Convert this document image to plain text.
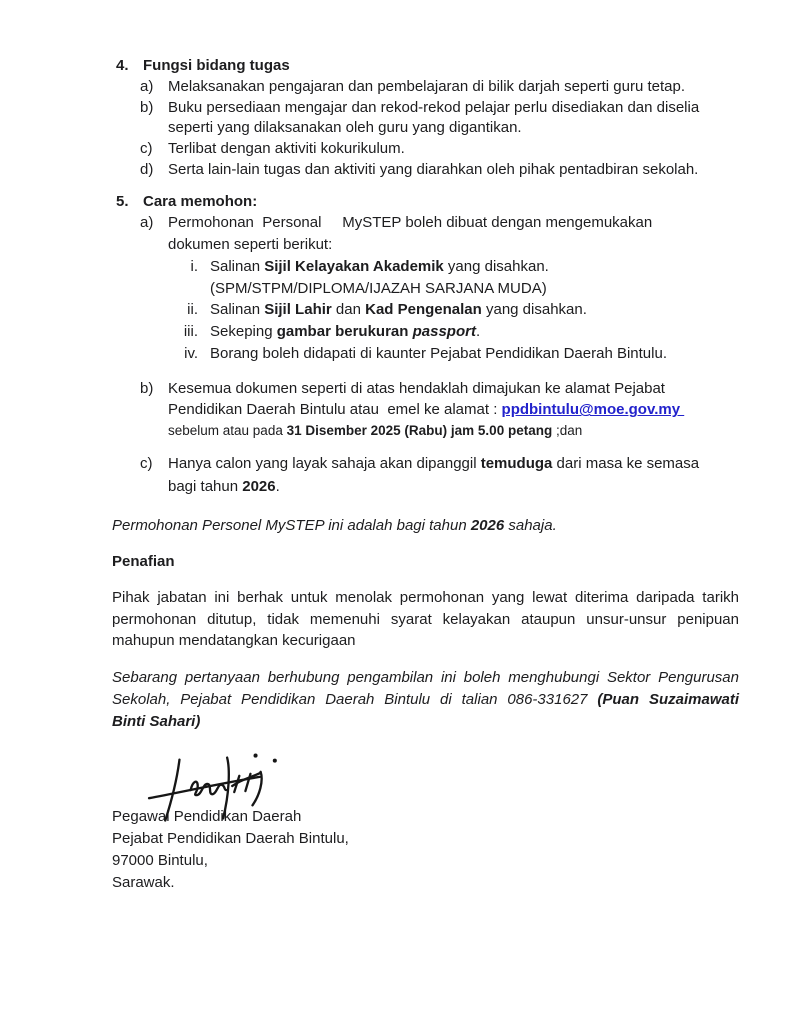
4. Fungsi bidang tugas
a) Melaksanakan pengajaran dan pembelajaran di bilik darjah seperti guru tetap.
b) Buku persediaan mengajar dan rekod-rekod pelajar perlu disediakan dan diselia
seperti yang dilaksanakan oleh guru yang digantikan.
c)	Terlibat dengan aktiviti kokurikulum.
d) Serta lain-lain tugas dan aktiviti yang diarahkan oleh pihak pentadbiran sekolah.
5. Cara memohon:
a) Permohonan  Personal     MySTEP boleh dibuat dengan mengemukakan
dokumen seperti berikut:
i. Salinan Sijil Kelayakan Akademik yang disahkan.
(SPM/STPM/DIPLOMA/IJAZAH SARJANA MUDA)
ii. Salinan Sijil Lahir dan Kad Pengenalan yang disahkan.
iii. Sekeping gambar berukuran passport.
iv. Borang boleh didapati di kaunter Pejabat Pendidikan Daerah Bintulu.
b) Kesemua dokumen seperti di atas hendaklah dimajukan ke alamat Pejabat
Pendidikan Daerah Bintulu atau  emel ke alamat : ppdbintulu@moe.gov.my
sebelum atau pada 31 Disember 2025 (Rabu) jam 5.00 petang ;dan
c)	Hanya calon yang layak sahaja akan dipanggil temuduga dari masa ke semasa
bagi tahun 2026.

Permohonan Personel MySTEP ini adalah bagi tahun 2026 sahaja.

Penafian

Pihak jabatan ini berhak untuk menolak permohonan yang lewat diterima daripada tarikh
permohonan ditutup, tidak memenuhi syarat kelayakan ataupun unsur-unsur penipuan
mahupun mendatangkan kecurigaan
Sebarang pertanyaan berhubung pengambilan ini boleh menghubungi Sektor Pengurusan
Sekolah, Pejabat Pendidikan Daerah Bintulu di talian 086-331627 (Puan Suzaimawati
Binti Sahari)
Pegawai Pendidikan Daerah
Pejabat Pendidikan Daerah Bintulu,
97000 Bintulu,
Sarawak.
